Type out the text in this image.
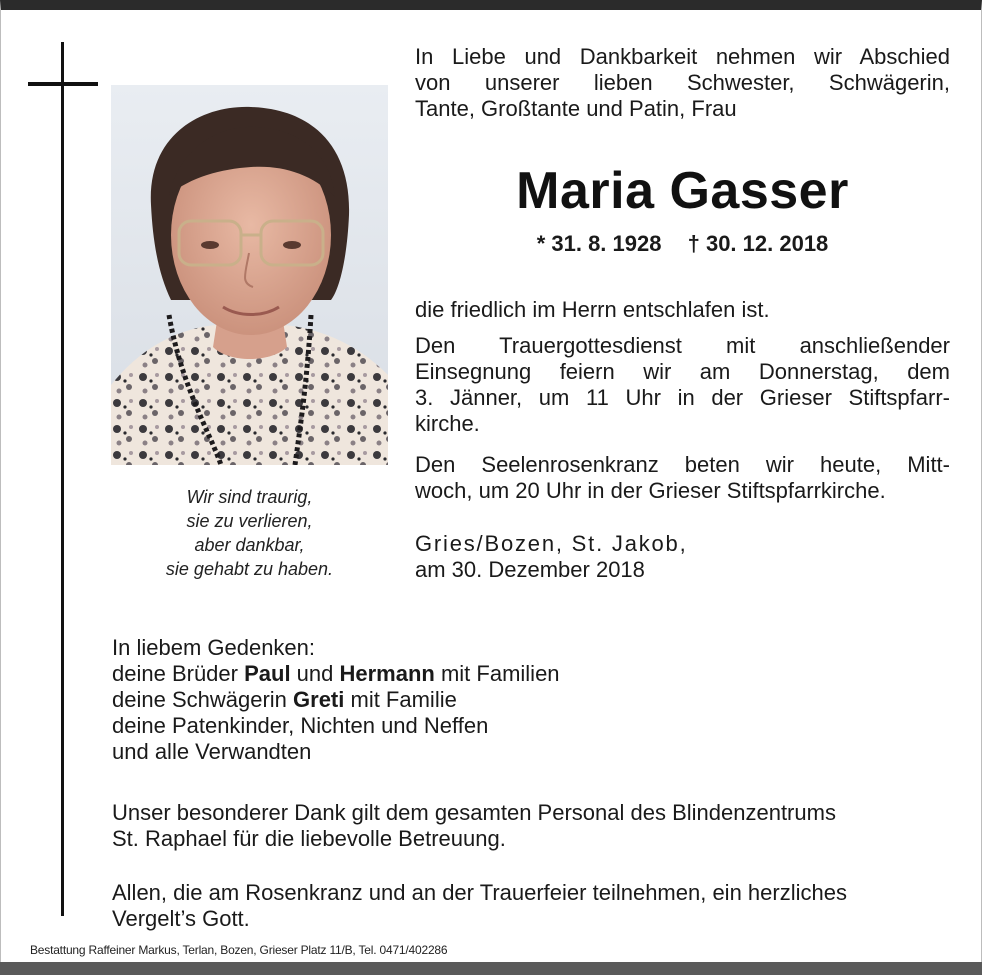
Wir sind traurig,
sie zu verlieren,
aber dankbar,
sie gehabt zu haben.
In Liebe und Dankbarkeit nehmen wir Abschied
von unserer lieben Schwester, Schwägerin,
Tante, Großtante und Patin, Frau
Maria Gasser
* 31. 8. 1928 † 30. 12. 2018
die friedlich im Herrn entschlafen ist.
Den Trauergottesdienst mit anschließender
Einsegnung feiern wir am Donnerstag, dem
3. Jänner, um 11 Uhr in der Grieser Stiftspfarr-
kirche.
Den Seelenrosenkranz beten wir heute, Mitt-
woch, um 20 Uhr in der Grieser Stiftspfarrkirche.
Gries/Bozen, St. Jakob,
am 30. Dezember 2018
In liebem Gedenken:
deine Brüder Paul und Hermann mit Familien
deine Schwägerin Greti mit Familie
deine Patenkinder, Nichten und Neffen
und alle Verwandten
Unser besonderer Dank gilt dem gesamten Personal des Blindenzentrums
St. Raphael für die liebevolle Betreuung.
Allen, die am Rosenkranz und an der Trauerfeier teilnehmen, ein herzliches
Vergelt’s Gott.
Bestattung Raffeiner Markus, Terlan, Bozen, Grieser Platz 11/B, Tel. 0471/402286
